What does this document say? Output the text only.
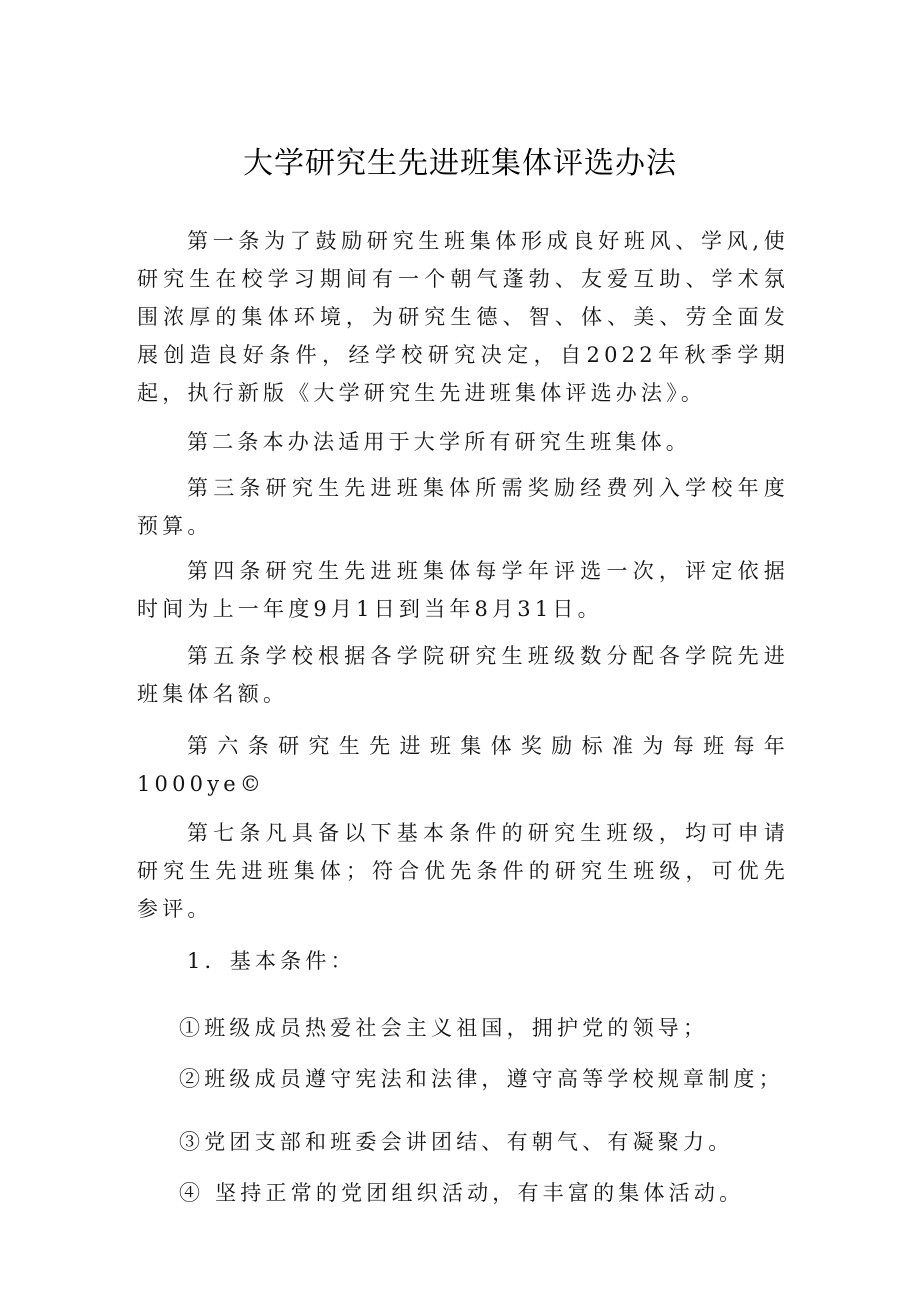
大学研究生先进班集体评选办法

第一条为了鼓励研究生班集体形成良好班风、学风,使研究生在校学习期间有一个朝气蓬勃、友爱互助、学术氛围浓厚的集体环境，为研究生德、智、体、美、劳全面发展创造良好条件，经学校研究决定，自2022年秋季学期起，执行新版《大学研究生先进班集体评选办法》。

第二条本办法适用于大学所有研究生班集体。

第三条研究生先进班集体所需奖励经费列入学校年度预算。

第四条研究生先进班集体每学年评选一次，评定依据时间为上一年度9月1日到当年8月31日。

第五条学校根据各学院研究生班级数分配各学院先进班集体名额。

第六条研究生先进班集体奖励标准为每班每年1000ye©

第七条凡具备以下基本条件的研究生班级，均可申请研究生先进班集体；符合优先条件的研究生班级，可优先参评。

1．基本条件：

①班级成员热爱社会主义祖国，拥护党的领导；

②班级成员遵守宪法和法律，遵守高等学校规章制度；

③党团支部和班委会讲团结、有朝气、有凝聚力。

④ 坚持正常的党团组织活动，有丰富的集体活动。
